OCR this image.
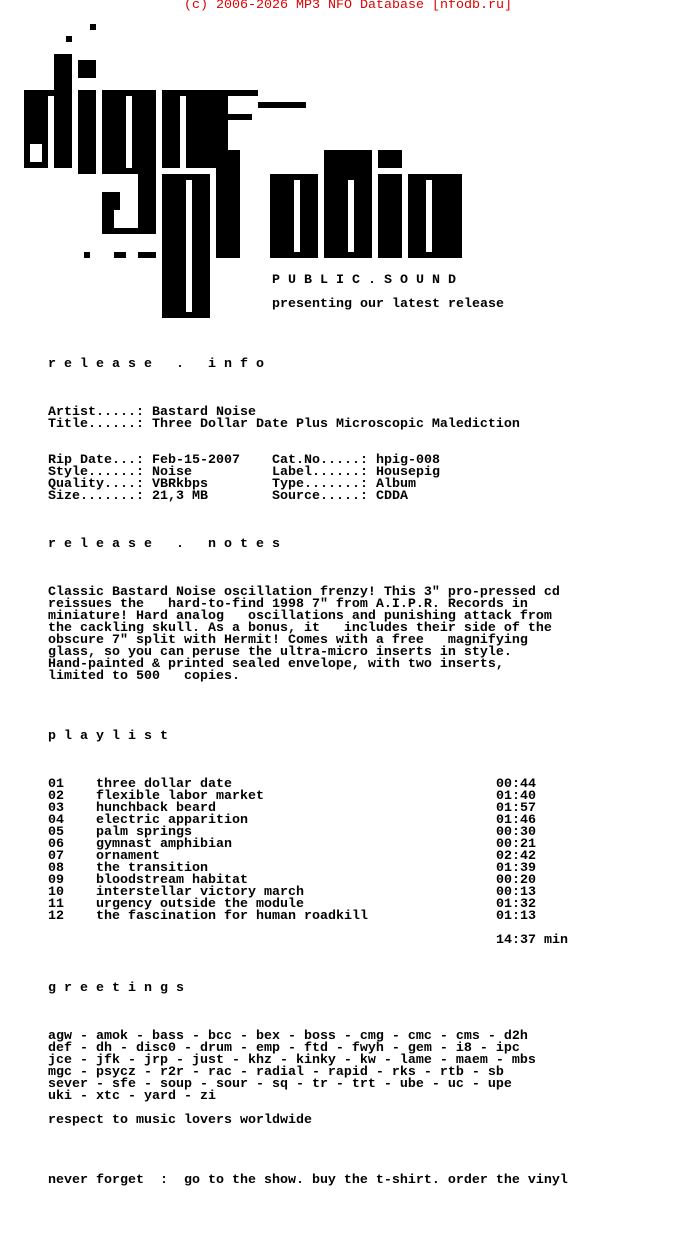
(c) 2006-2026 MP3 NFO Database [nfodb.ru]
P U B L I C . S O U N D
presenting our latest release
r e l e a s e   .   i n f o
Artist.....: Bastard Noise
Title......: Three Dollar Date Plus Microscopic Malediction
Rip Date...: Feb-15-2007
Style......: Noise
Quality....: VBRkbps
Size.......: 21,3 MB
Cat.No.....: hpig-008
Label......: Housepig
Type.......: Album
Source.....: CDDA
r e l e a s e   .   n o t e s
Classic Bastard Noise oscillation frenzy! This 3" pro-pressed cd
reissues the   hard-to-find 1998 7" from A.I.P.R. Records in
miniature! Hard analog   oscillations and punishing attack from
the cackling skull. As a bonus, it   includes their side of the
obscure 7" split with Hermit! Comes with a free   magnifying
glass, so you can peruse the ultra-micro inserts in style.
Hand-painted & printed sealed envelope, with two inserts,
limited to 500   copies.
p l a y l i s t
01 three dollar date	00:44
02 flexible labor market	01:40
03 hunchback beard	01:57
04 electric apparition	01:46
05 palm springs	00:30
06 gymnast amphibian	00:21
07 ornament	02:42
08 the transition	01:39
09 bloodstream habitat	00:20
10 interstellar victory march	00:13
11 urgency outside the module	01:32
12 the fascination for human roadkill	01:13
14:37 min
g r e e t i n g s
agw - amok - bass - bcc - bex - boss - cmg - cmc - cms - d2h
def - dh - disc0 - drum - emp - ftd - fwyh - gem - i8 - ipc
jce - jfk - jrp - just - khz - kinky - kw - lame - maem - mbs
mgc - psycz - r2r - rac - radial - rapid - rks - rtb - sb
sever - sfe - soup - sour - sq - tr - trt - ube - uc - upe
uki - xtc - yard - zi
respect to music lovers worldwide
never forget  :  go to the show. buy the t-shirt. order the vinyl
